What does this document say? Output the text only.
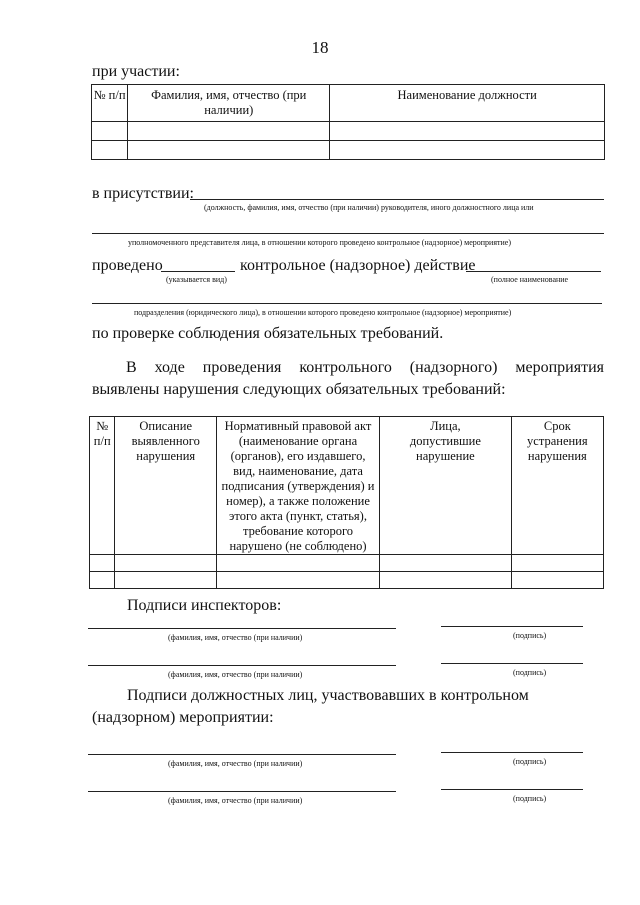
18
при участии:
№ п/п	Фамилия, имя, отчество (при наличии)	Наименование должности

в присутствии:
(должность, фамилия, имя, отчество (при наличии) руководителя, иного должностного лица или
уполномоченного представителя лица, в отношении которого проведено контрольное (надзорное) мероприятие)
проведено
(указывается вид)
контрольное (надзорное) действие
(полное наименование
подразделения (юридического лица), в отношении которого проведено контрольное (надзорное) мероприятие)
по проверке соблюдения обязательных требований.
В ходе проведения контрольного (надзорного) мероприятия выявлены нарушения следующих обязательных требований:
№ п/п	Описание выявленного нарушения	Нормативный правовой акт (наименование органа (органов), его издавшего, вид, наименование, дата подписания (утверждения) и номер), а также положение этого акта (пункт, статья), требование которого нарушено (не соблюдено)	Лица, допустившие нарушение	Срок устранения нарушения

Подписи инспекторов:
(фамилия, имя, отчество (при наличии)	(подпись)
(фамилия, имя, отчество (при наличии)	(подпись)
Подписи должностных лиц, участвовавших в контрольном (надзорном) мероприятии:
(фамилия, имя, отчество (при наличии)	(подпись)
(фамилия, имя, отчество (при наличии)	(подпись)
